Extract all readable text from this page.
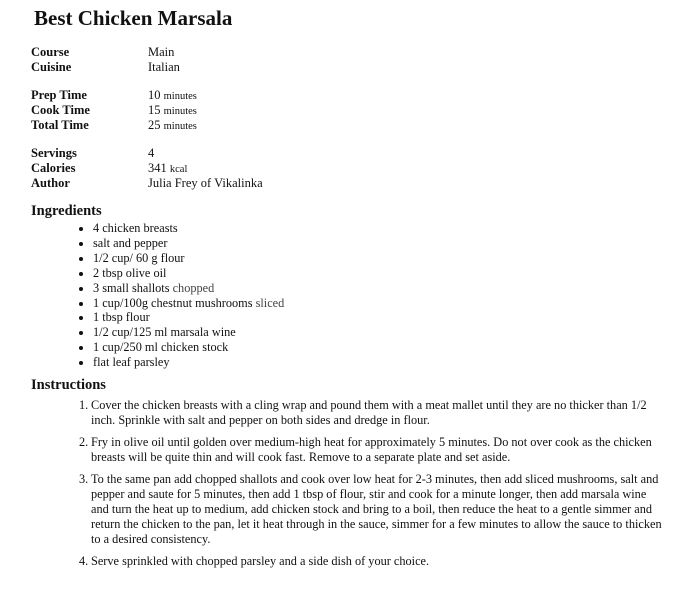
Best Chicken Marsala
Course	Main
Cuisine	Italian
Prep Time	10 minutes
Cook Time	15 minutes
Total Time	25 minutes
Servings	4
Calories	341 kcal
Author	Julia Frey of Vikalinka
Ingredients
4 chicken breasts
salt and pepper
1/2 cup/ 60 g flour
2 tbsp olive oil
3 small shallots chopped
1 cup/100g chestnut mushrooms sliced
1 tbsp flour
1/2 cup/125 ml marsala wine
1 cup/250 ml chicken stock
flat leaf parsley
Instructions
1. Cover the chicken breasts with a cling wrap and pound them with a meat mallet until they are no thicker than 1/2 inch. Sprinkle with salt and pepper on both sides and dredge in flour.
2. Fry in olive oil until golden over medium-high heat for approximately 5 minutes. Do not over cook as the chicken breasts will be quite thin and will cook fast. Remove to a separate plate and set aside.
3. To the same pan add chopped shallots and cook over low heat for 2-3 minutes, then add sliced mushrooms, salt and pepper and saute for 5 minutes, then add 1 tbsp of flour, stir and cook for a minute longer, then add marsala wine and turn the heat up to medium, add chicken stock and bring to a boil, then reduce the heat to a gentle simmer and return the chicken to the pan, let it heat through in the sauce, simmer for a few minutes to allow the sauce to thicken to a desired consistency.
4. Serve sprinkled with chopped parsley and a side dish of your choice.
